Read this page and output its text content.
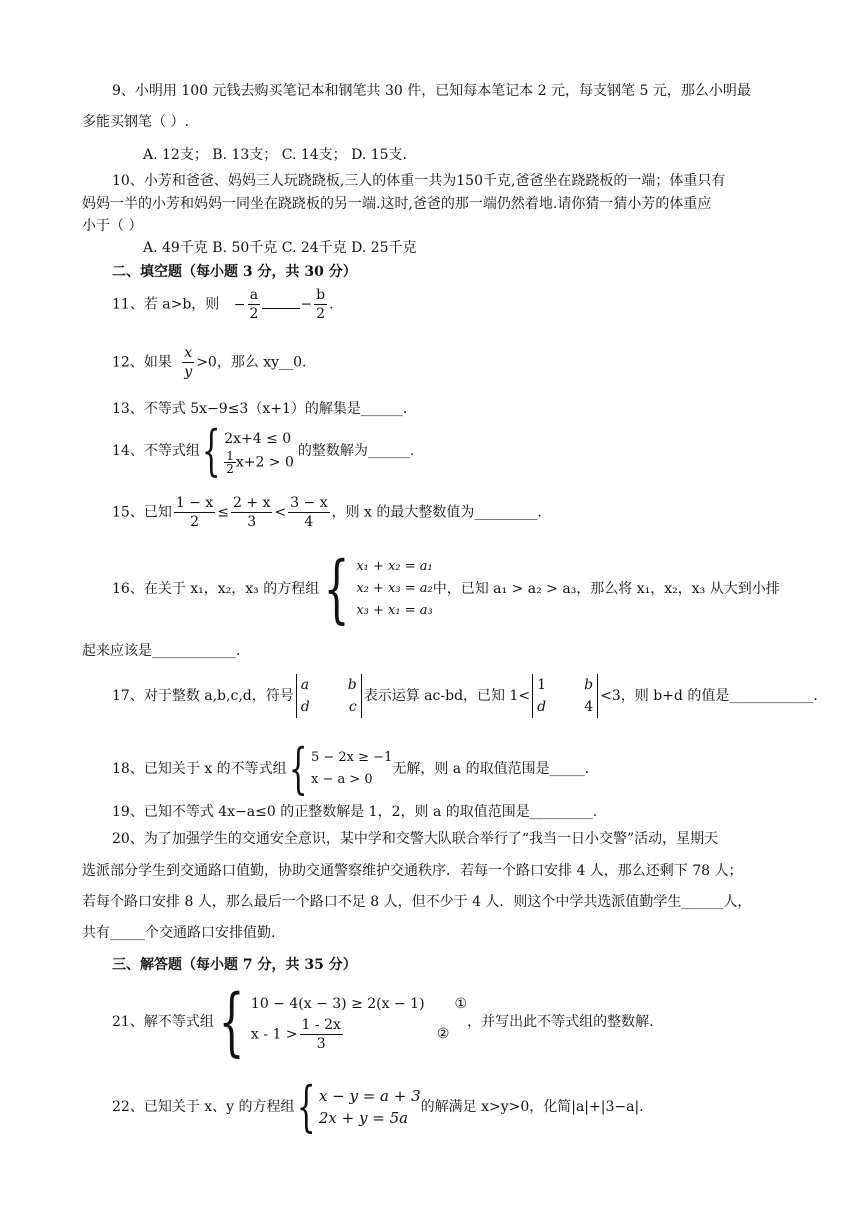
9、小明用 100 元钱去购买笔记本和钢笔共 30 件，已知每本笔记本 2 元，每支钢笔 5 元，那么小明最
多能买钢笔（ ）.
A. 12支； B. 13支； C. 14支； D. 15支.
10、小芳和爸爸、妈妈三人玩跷跷板,三人的体重一共为150千克,爸爸坐在跷跷板的一端；体重只有
妈妈一半的小芳和妈妈一同坐在跷跷板的另一端.这时,爸爸的那一端仍然着地.请你猜一猜小芳的体重应
小于（ ）
A. 49千克 B. 50千克 C. 24千克 D. 25千克
二、填空题（每小题 3 分，共 30 分）
11、若 a>b，则 − $\frac{a}{2}$	− $\frac{b}{2}$ .
12、如果 $\frac{x}{y} >0$，那么 xy__0.
13、不等式 5x−9≤3（x+1）的解集是______.
14、不等式组{ 2x+4 ≤ 0
$\frac{1}{2} x+2 > 0$
的整数解为______.
15、已知 $\frac{1 - x}{2} \le \frac{2 + x}{3} < \frac{3 - x}{4}$ ，则 x 的最大整数值为_________.
16、在关于 x₁，x₂，x₃ 的方程组{ x₁ + x₂ = a₁
x₂ + x₃ = a₂
x₃ + x₁ = a₃
中，已知 a₁ > a₂ > a₃，那么将 x₁，x₂，x₃ 从大到小排
起来应该是____________.
17、对于整数 a,b,c,d，符号
a	b
d	c
表示运算 ac-bd，已知 1<
1	b
d	4
<3，则 b+d 的值是____________.
18、已知关于 x 的不等式组{ 5 − 2x ≥ −1
x − a > 0
无解，则 a 的取值范围是_____.
19、已知不等式 4x−a≤0 的正整数解是 1，2，则 a 的取值范围是_________.
20、为了加强学生的交通安全意识，某中学和交警大队联合举行了“我当一日小交警”活动，星期天
选派部分学生到交通路口值勤，协助交通警察维护交通秩序．若每一个路口安排 4 人，那么还剩下 78 人；
若每个路口安排 8 人，那么最后一个路口不足 8 人，但不少于 4 人．则这个中学共选派值勤学生______人，
共有_____个交通路口安排值勤.
三、解答题（每小题 7 分，共 35 分）
21、解不等式组{ 10 − 4(x − 3) ≥ 2(x − 1) ①
$x - 1 > \frac{1 - 2x}{3}$	②
，并写出此不等式组的整数解.
22、已知关于 x、y 的方程组{ x − y = a + 3
2x + y = 5a
的解满足 x>y>0，化简|a|+|3−a|.
